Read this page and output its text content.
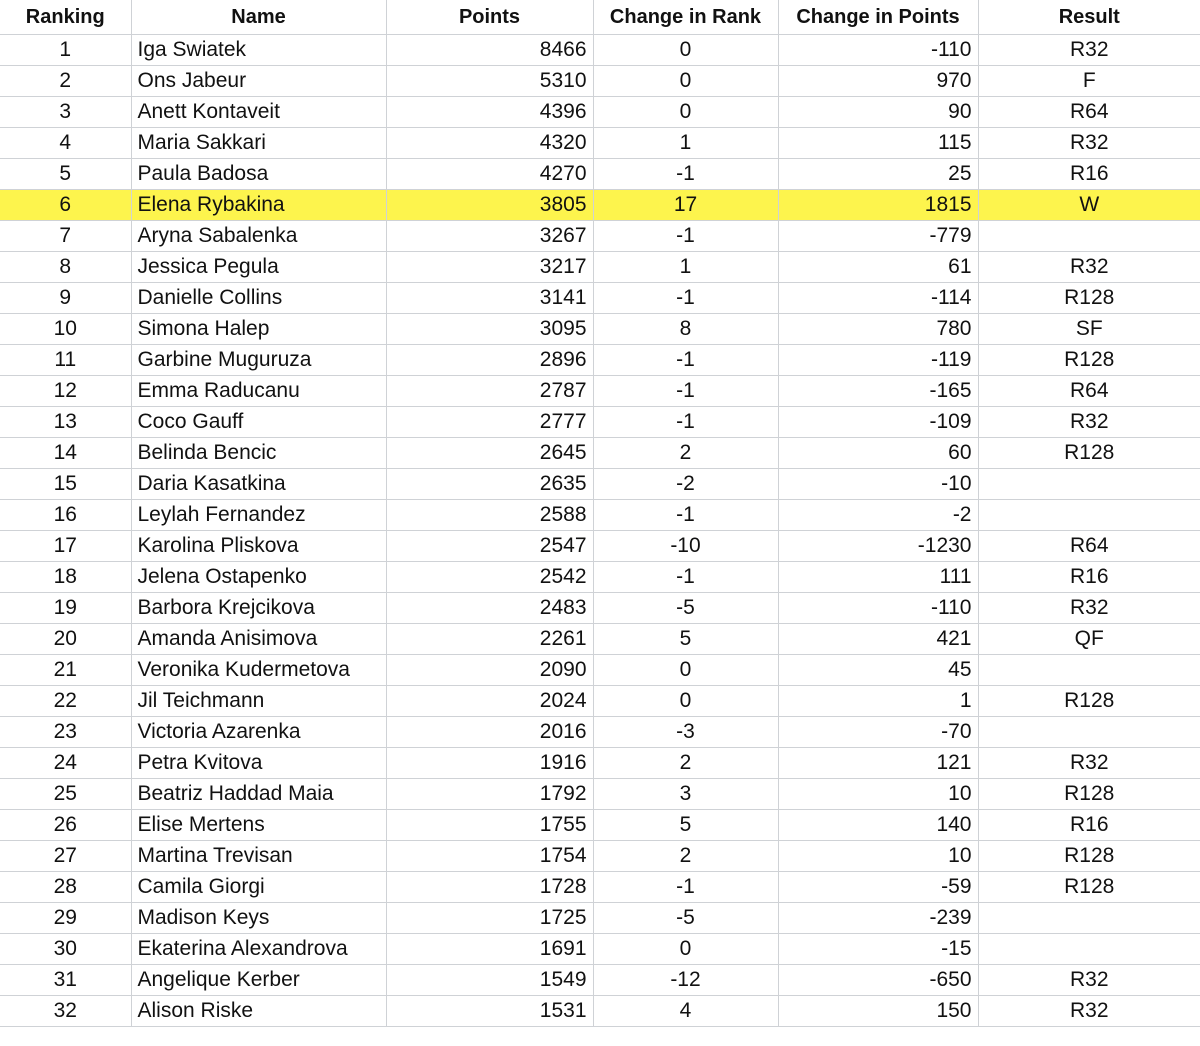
Ranking	Name	Points	Change in Rank	Change in Points	Result
1	Iga Swiatek	8466	0	-110	R32
2	Ons Jabeur	5310	0	970	F
3	Anett Kontaveit	4396	0	90	R64
4	Maria Sakkari	4320	1	115	R32
5	Paula Badosa	4270	-1	25	R16
6	Elena Rybakina	3805	17	1815	W
7	Aryna Sabalenka	3267	-1	-779	
8	Jessica Pegula	3217	1	61	R32
9	Danielle Collins	3141	-1	-114	R128
10	Simona Halep	3095	8	780	SF
11	Garbine Muguruza	2896	-1	-119	R128
12	Emma Raducanu	2787	-1	-165	R64
13	Coco Gauff	2777	-1	-109	R32
14	Belinda Bencic	2645	2	60	R128
15	Daria Kasatkina	2635	-2	-10	
16	Leylah Fernandez	2588	-1	-2	
17	Karolina Pliskova	2547	-10	-1230	R64
18	Jelena Ostapenko	2542	-1	111	R16
19	Barbora Krejcikova	2483	-5	-110	R32
20	Amanda Anisimova	2261	5	421	QF
21	Veronika Kudermetova	2090	0	45	
22	Jil Teichmann	2024	0	1	R128
23	Victoria Azarenka	2016	-3	-70	
24	Petra Kvitova	1916	2	121	R32
25	Beatriz Haddad Maia	1792	3	10	R128
26	Elise Mertens	1755	5	140	R16
27	Martina Trevisan	1754	2	10	R128
28	Camila Giorgi	1728	-1	-59	R128
29	Madison Keys	1725	-5	-239	
30	Ekaterina Alexandrova	1691	0	-15	
31	Angelique Kerber	1549	-12	-650	R32
32	Alison Riske	1531	4	150	R32
